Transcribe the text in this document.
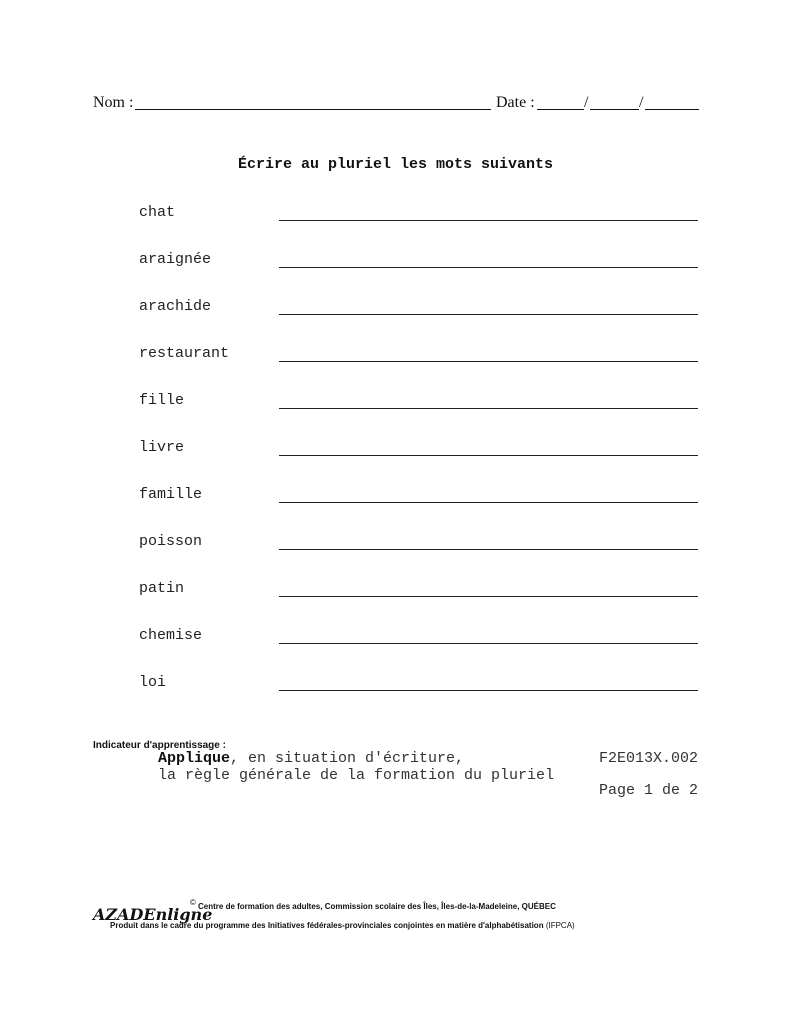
Nom :	Date :	/	/
Écrire au pluriel les mots suivants
chat
araignée
arachide
restaurant
fille
livre
famille
poisson
patin
chemise
loi
Indicateur d'apprentissage :
Applique, en situation d'écriture,
la règle générale de la formation du pluriel
F2E013X.002
Page 1 de 2
AZADEnligne
© Centre de formation des adultes, Commission scolaire des Îles, Îles-de-la-Madeleine, QUÉBEC
Produit dans le cadre du programme des Initiatives fédérales-provinciales conjointes en matière d'alphabétisation (IFPCA)
